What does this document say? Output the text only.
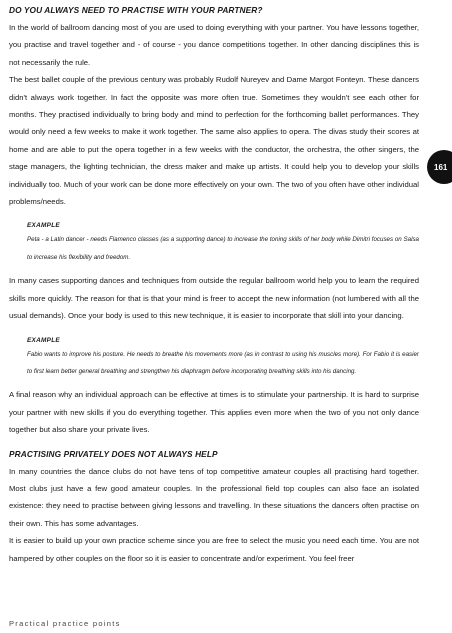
DO YOU ALWAYS NEED TO PRACTISE WITH YOUR PARTNER?

In the world of ballroom dancing most of you are used to doing everything with your partner. You have lessons together, you practise and travel together and - of course - you dance competitions together. In other dancing disciplines this is not necessarily the rule.

The best ballet couple of the previous century was probably Rudolf Nureyev and Dame Margot Fonteyn. These dancers didn't always work together. In fact the opposite was more often true. Sometimes they wouldn't see each other for months. They practised individually to bring body and mind to perfection for the forthcoming ballet performances. They would only need a few weeks to make it work together. The same also applies to opera. The divas study their scores at home and are able to put the opera together in a few weeks with the conductor, the orchestra, the other singers, the stage managers, the lighting technician, the dress maker and make up artists. It could help you to develop your skills individually too. Much of your work can be done more effectively on your own. The two of you often have other individual problems/needs.

EXAMPLE

Peta - a Latin dancer - needs Flamenco classes (as a supporting dance) to increase the toning skills of her body while Dimitri focuses on Salsa to increase his flexibility and freedom.

In many cases supporting dances and techniques from outside the regular ballroom world help you to learn the required skills more quickly. The reason for that is that your mind is freer to accept the new information (not lumbered with all the usual demands). Once your body is used to this new technique, it is easier to incorporate that skill into your dancing.

EXAMPLE

Fabio wants to improve his posture. He needs to breathe his movements more (as in contrast to using his muscles more). For Fabio it is easier to first learn better general breathing and strengthen his diaphragm before incorporating breathing skills into his dancing.

A final reason why an individual approach can be effective at times is to stimulate your partnership. It is hard to surprise your partner with new skills if you do everything together. This applies even more when the two of you not only dance together but also share your private lives.

PRACTISING PRIVATELY DOES NOT ALWAYS HELP

In many countries the dance clubs do not have tens of top competitive amateur couples all practising hard together. Most clubs just have a few good amateur couples. In the professional field top couples can also face an isolated existence: they need to practise between giving lessons and travelling. In these situations the dancers often practise on their own. This has some advantages.

It is easier to build up your own practice scheme since you are free to select the music you need each time. You are not hampered by other couples on the floor so it is easier to concentrate and/or experiment. You feel freer

161
Practical practice points
